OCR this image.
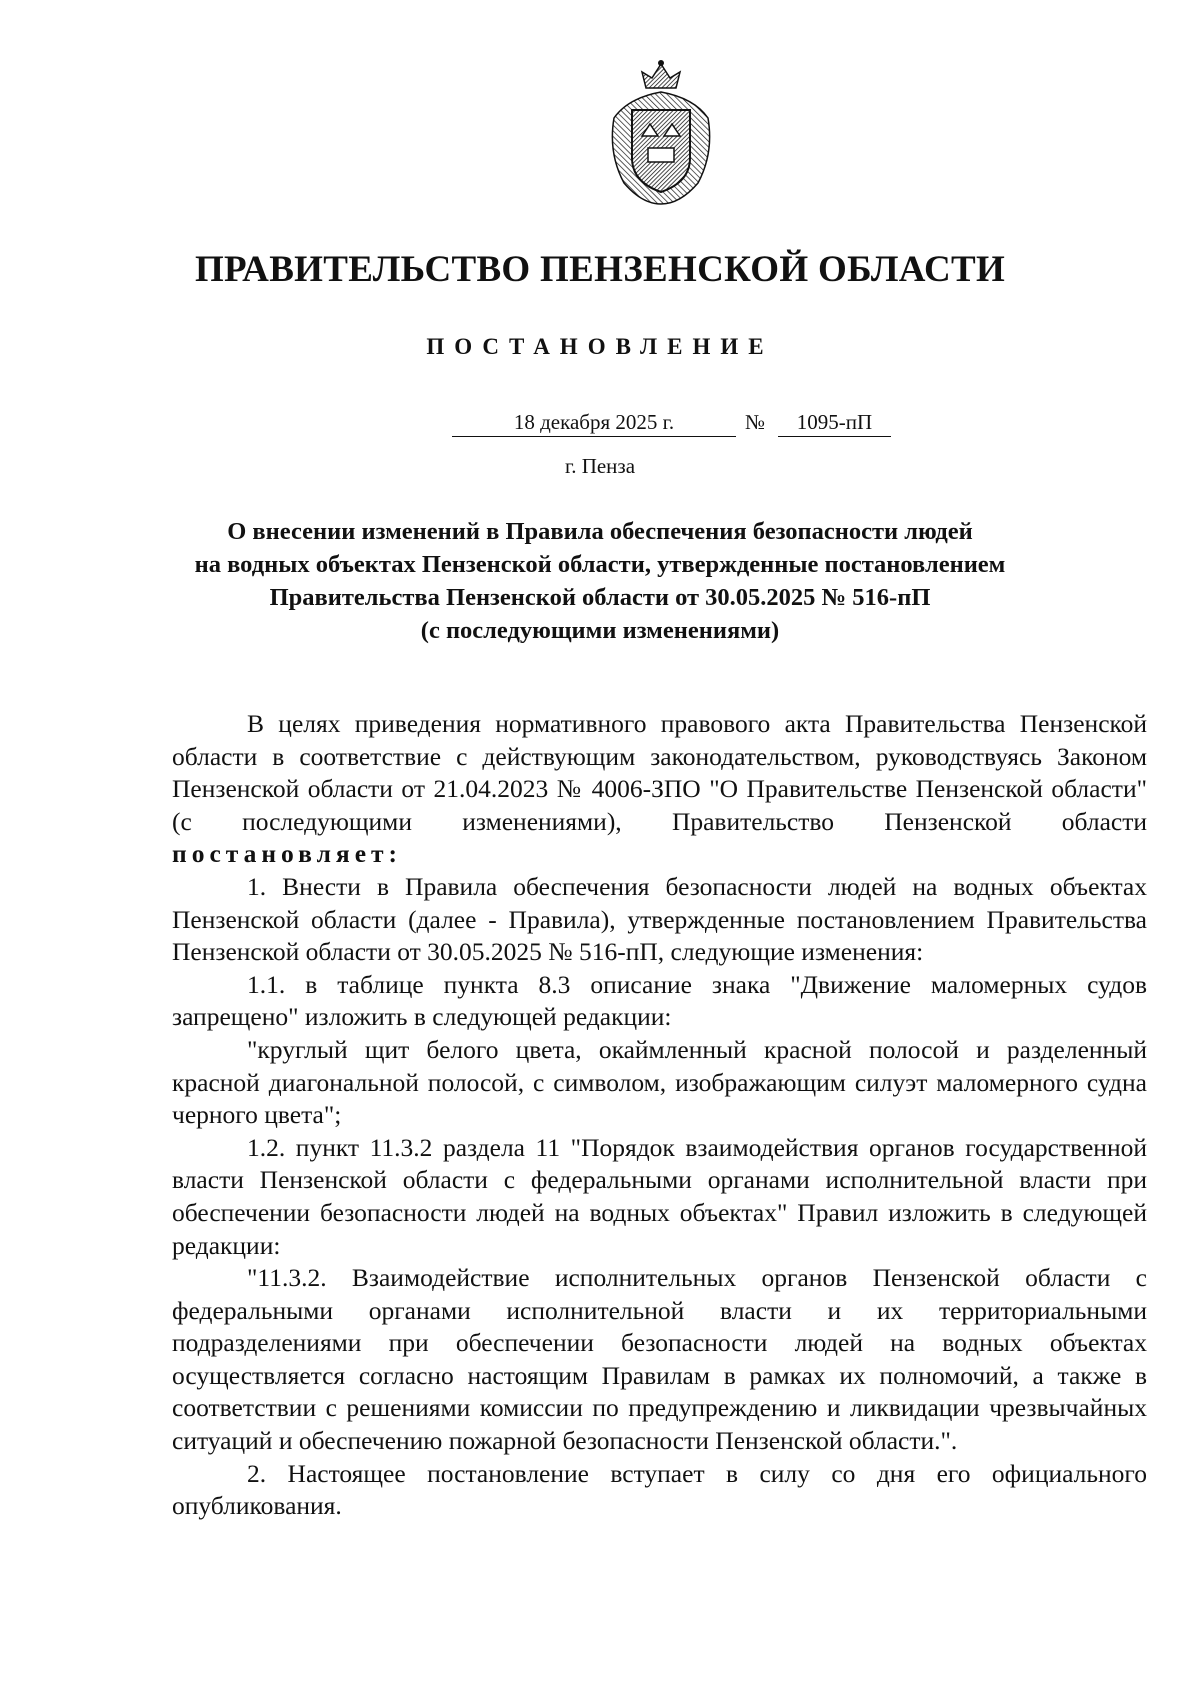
ПРАВИТЕЛЬСТВО ПЕНЗЕНСКОЙ ОБЛАСТИ
ПОСТАНОВЛЕНИЕ
18 декабря 2025 г.	№	1095-пП
г. Пенза
О внесении изменений в Правила обеспечения безопасности людей
на водных объектах Пензенской области, утвержденные постановлением
Правительства Пензенской области от 30.05.2025 № 516-пП
(с последующими изменениями)

В целях приведения нормативного правового акта Правительства Пензенской области в соответствие с действующим законодательством, руководствуясь Законом Пензенской области от 21.04.2023 № 4006-ЗПО "О Правительстве Пензенской области" (с последующими изменениями), Правительство Пензенской области постановляет:

1. Внести в Правила обеспечения безопасности людей на водных объектах Пензенской области (далее - Правила), утвержденные постановлением Правительства Пензенской области от 30.05.2025 № 516-пП, следующие изменения:

1.1. в таблице пункта 8.3 описание знака "Движение маломерных судов запрещено" изложить в следующей редакции:

"круглый щит белого цвета, окаймленный красной полосой и разделенный красной диагональной полосой, с символом, изображающим силуэт маломерного судна черного цвета";

1.2. пункт 11.3.2 раздела 11 "Порядок взаимодействия органов государственной власти Пензенской области с федеральными органами исполнительной власти при обеспечении безопасности людей на водных объектах" Правил изложить в следующей редакции:

"11.3.2. Взаимодействие исполнительных органов Пензенской области с федеральными органами исполнительной власти и их территориальными подразделениями при обеспечении безопасности людей на водных объектах осуществляется согласно настоящим Правилам в рамках их полномочий, а также в соответствии с решениями комиссии по предупреждению и ликвидации чрезвычайных ситуаций и обеспечению пожарной безопасности Пензенской области.".

2. Настоящее постановление вступает в силу со дня его официального опубликования.
